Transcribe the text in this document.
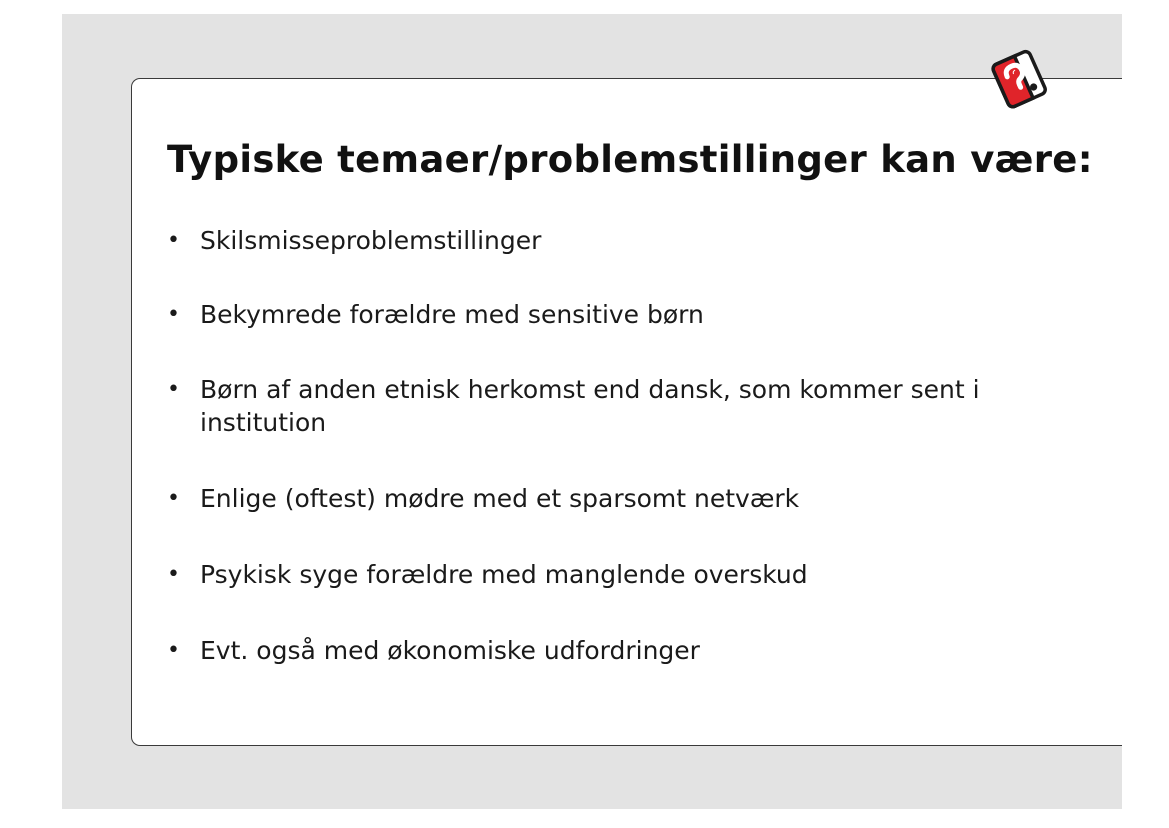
Typiske temaer/problemstillinger kan være:
• Skilsmisseproblemstillinger
• Bekymrede forældre med sensitive børn
• Børn af anden etnisk herkomst end dansk, som kommer sent i institution
• Enlige (oftest) mødre med et sparsomt netværk
• Psykisk syge forældre med manglende overskud
• Evt. også med økonomiske udfordringer
